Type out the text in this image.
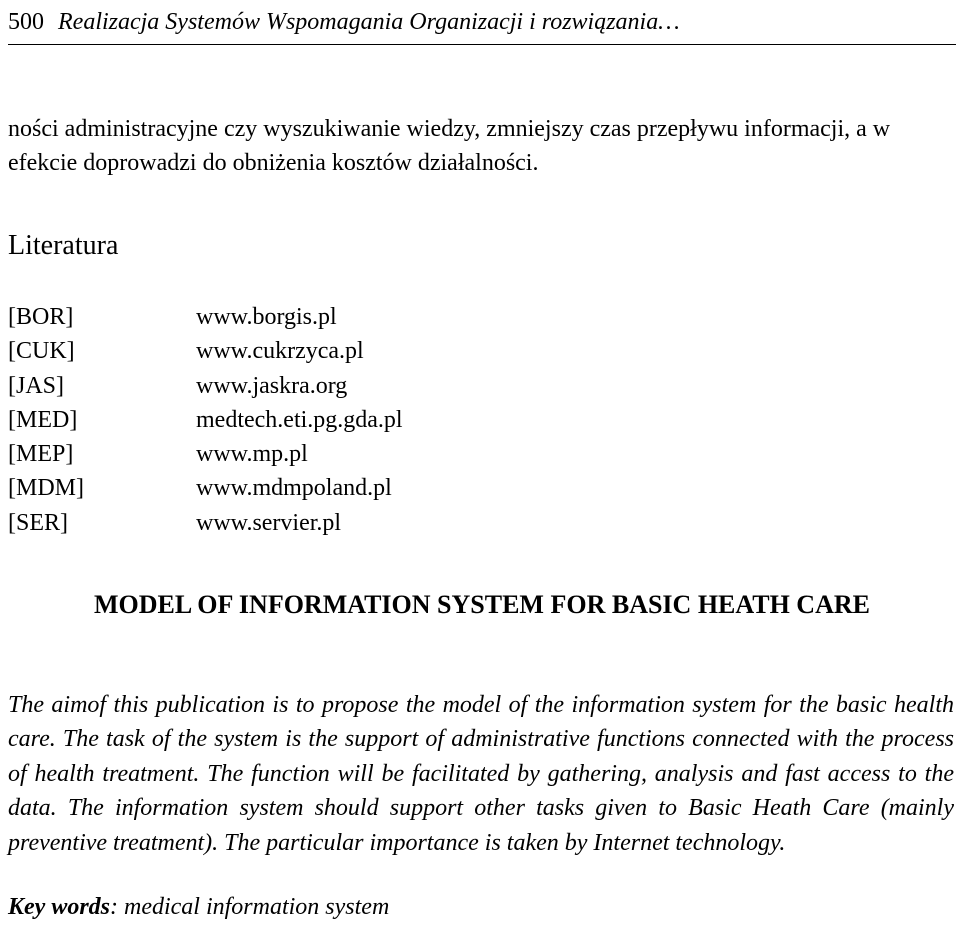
500 Realizacja Systemów Wspomagania Organizacji i rozwiązania…
ności administracyjne czy wyszukiwanie wiedzy, zmniejszy czas przepływu informacji, a w efekcie doprowadzi do obniżenia kosztów działalności.
Literatura
[BOR]	www.borgis.pl
[CUK]	www.cukrzyca.pl
[JAS]	www.jaskra.org
[MED]	medtech.eti.pg.gda.pl
[MEP]	www.mp.pl
[MDM]	www.mdmpoland.pl
[SER]	www.servier.pl
MODEL OF INFORMATION SYSTEM FOR BASIC HEATH CARE
The aimof this publication is to propose the model of the information system for the basic health care. The task of the system is the support of administrative functions connected with the process of health treatment. The function will be facilitated by gathering, analysis and fast access to the data. The information system should support other tasks given to Basic Heath Care (mainly preventive treatment). The particular importance is taken by Internet technology.
Key words: medical information system
